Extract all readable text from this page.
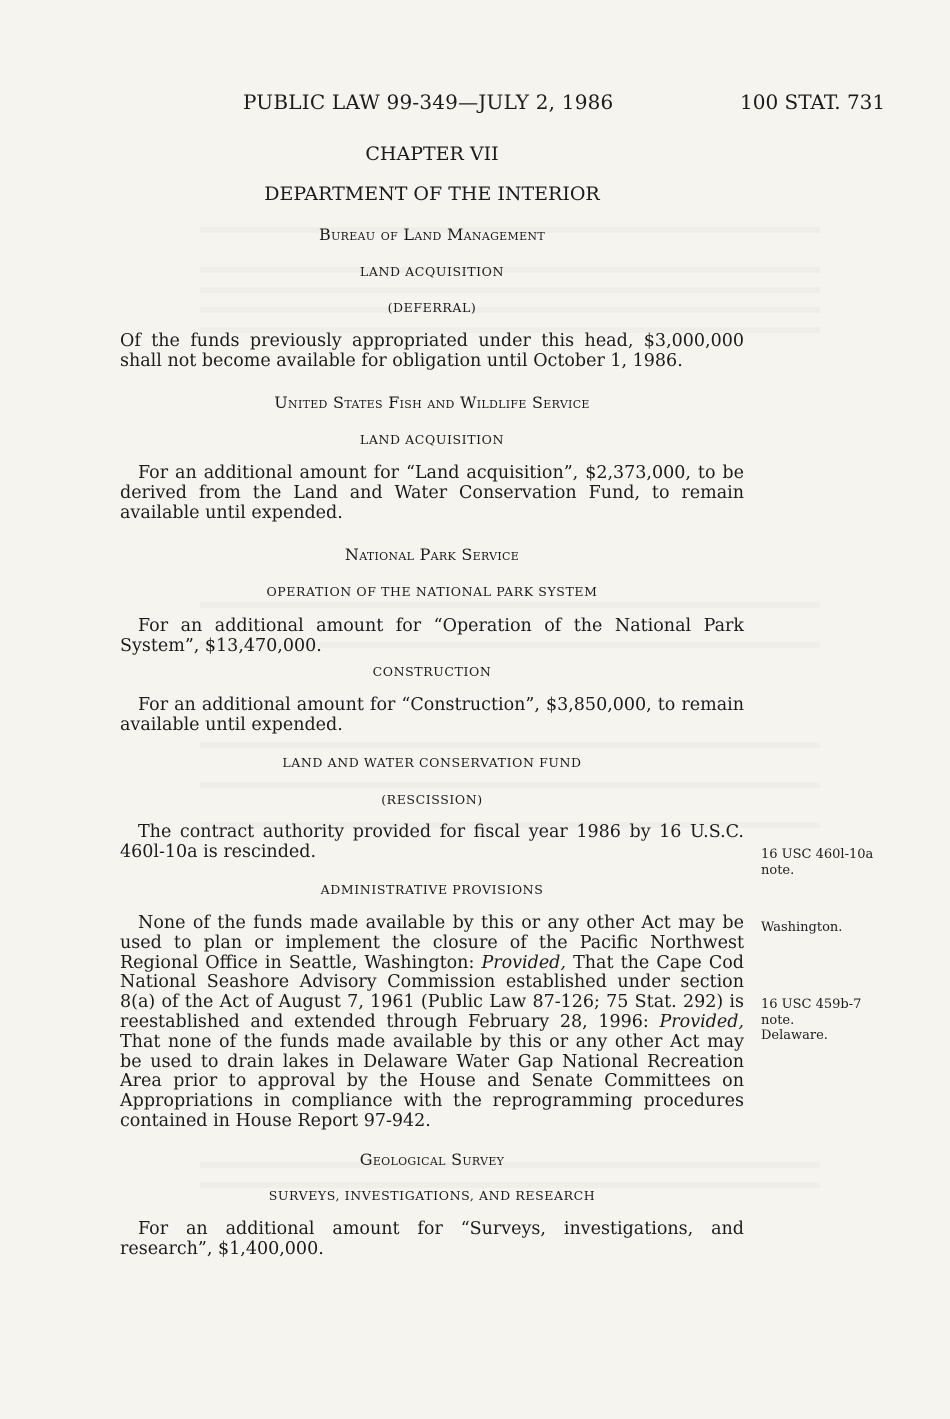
PUBLIC LAW 99-349—JULY 2, 1986	100 STAT. 731
CHAPTER VII
DEPARTMENT OF THE INTERIOR
Bureau of Land Management
LAND ACQUISITION
(DEFERRAL)
Of the funds previously appropriated under this head, $3,000,000 shall not become available for obligation until October 1, 1986.
United States Fish and Wildlife Service
LAND ACQUISITION
For an additional amount for “Land acquisition”, $2,373,000, to be derived from the Land and Water Conservation Fund, to remain available until expended.
National Park Service
OPERATION OF THE NATIONAL PARK SYSTEM
For an additional amount for “Operation of the National Park System”, $13,470,000.
CONSTRUCTION
For an additional amount for “Construction”, $3,850,000, to remain available until expended.
LAND AND WATER CONSERVATION FUND
(RESCISSION)
The contract authority provided for fiscal year 1986 by 16 U.S.C. 460l-10a is rescinded.
ADMINISTRATIVE PROVISIONS
None of the funds made available by this or any other Act may be used to plan or implement the closure of the Pacific Northwest Regional Office in Seattle, Washington: Provided, That the Cape Cod National Seashore Advisory Commission established under section 8(a) of the Act of August 7, 1961 (Public Law 87-126; 75 Stat. 292) is reestablished and extended through February 28, 1996: Provided, That none of the funds made available by this or any other Act may be used to drain lakes in Delaware Water Gap National Recreation Area prior to approval by the House and Senate Committees on Appropriations in compliance with the reprogramming procedures contained in House Report 97-942.
Geological Survey
SURVEYS, INVESTIGATIONS, AND RESEARCH
For an additional amount for “Surveys, investigations, and research”, $1,400,000.
16 USC 460l-10a
note.
Washington.
16 USC 459b-7
note.
Delaware.
